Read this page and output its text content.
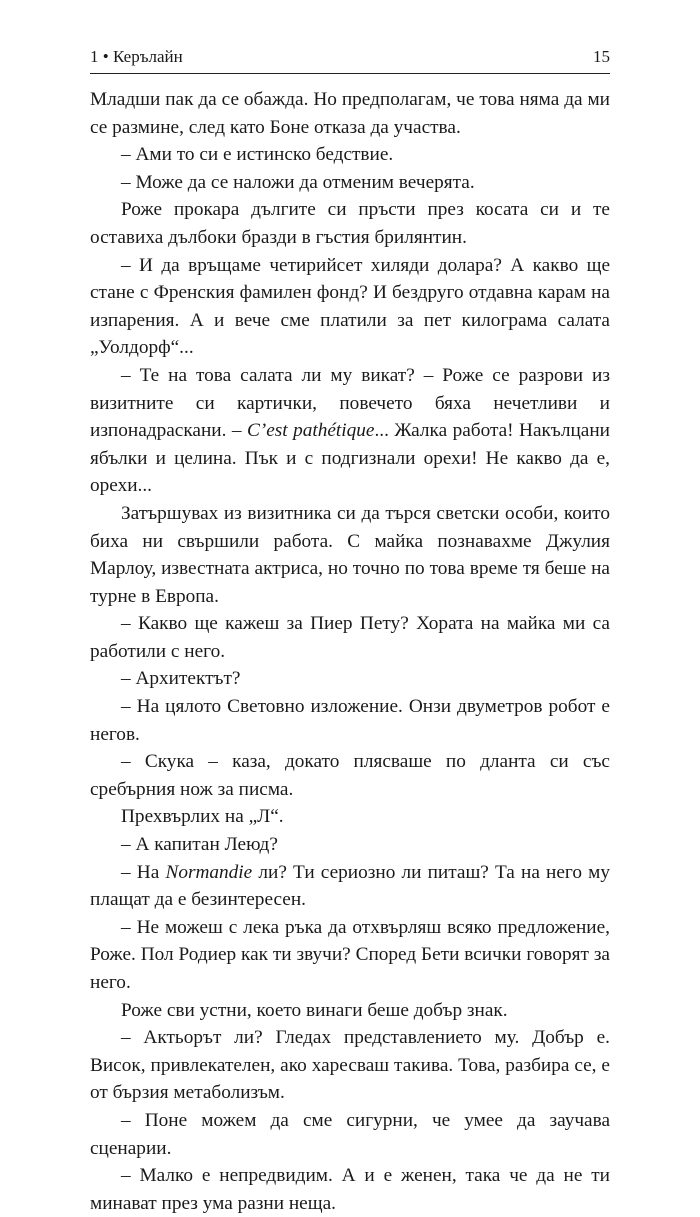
1 • Керълайн	15

Младши пак да се обажда. Но предполагам, че това няма да ми се размине, след като Боне отказа да участва.

– Ами то си е истинско бедствие.

– Може да се наложи да отменим вечерята.

Роже прокара дългите си пръсти през косата си и те оставиха дълбоки бразди в гъстия брилянтин.

– И да връщаме четирийсет хиляди долара? А какво ще стане с Френския фамилен фонд? И бездруго отдавна карам на изпарения. А и вече сме платили за пет килограма салата „Уолдорф“...

– Те на това салата ли му викат? – Роже се разрови из визитните си картички, повечето бяха нечетливи и изпонадраскани. – C’est pathétique... Жалка работа! Накълцани ябълки и целина. Пък и с подгизнали орехи! Не какво да е, орехи...

Затършувах из визитника си да търся светски особи, които биха ни свършили работа. С майка познавахме Джулия Марлоу, известната актриса, но точно по това време тя беше на турне в Европа.

– Какво ще кажеш за Пиер Пету? Хората на майка ми са работили с него.

– Архитектът?

– На цялото Световно изложение. Онзи двуметров робот е негов.

– Скука – каза, докато плясваше по дланта си със сребърния нож за писма.

Прехвърлих на „Л“.

– А капитан Леюд?

– На Normandie ли? Ти сериозно ли питаш? Та на него му плащат да е безинтересен.

– Не можеш с лека ръка да отхвърляш всяко предложение, Роже. Пол Родиер как ти звучи? Според Бети всички говорят за него.

Роже сви устни, което винаги беше добър знак.

– Актьорът ли? Гледах представлението му. Добър е. Висок, привлекателен, ако харесваш такива. Това, разбира се, е от бързия метаболизъм.

– Поне можем да сме сигурни, че умее да заучава сценарии.

– Малко е непредвидим. А и е женен, така че да не ти минават през ума разни неща.
